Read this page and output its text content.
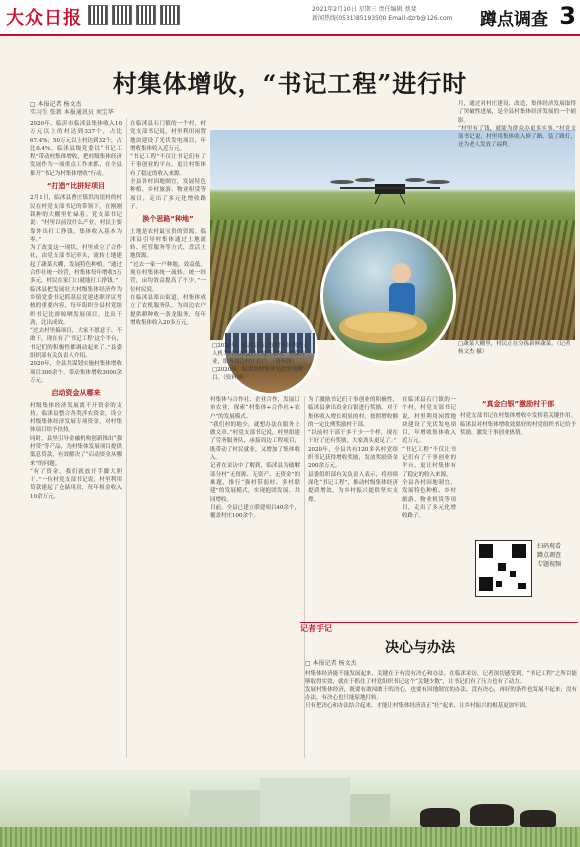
大众日报	2021年2月10日 星期三 责任编辑 蔡斐
新闻热线(0531)85193500 Email:dzrb@126.com	蹲点调查 3
村集体增收，“书记工程”进行时
□ 本报记者 杨文杰
实习生 张新 本报通讯员 刘宝华
2020年，临沂市临沭县集体收入10万元以上的村达到337个，占比67.4%；50万元以上村达到32个，占比6.4%。临沭县级党委以“书记工程”带动村集体增收，把村级集体经济发展作为一项重点工作来抓，在全县推开“书记为村集体增收”行动。
“打造”比拼好项目
2月1日，临沭县曹庄镇洪沟崖村的村民在村党支部书记的带领下，在刚刚栽种的大棚里忙碌着。党支部书记说：“村里以前没什么产业，村民主要靠外出打工挣钱，集体收入基本为零。”
为了改变这一现状，村里成立了合作社，由党支部书记牵头，流转土地建起了蔬菜大棚，发展特色种植。“通过合作社统一经营，村集体每年增收5万多元，村民在家门口就能打工挣钱。”
临沭县把发展壮大村级集体经济作为乡镇党委书记抓基层党建述职评议考核的重要内容，每年组织全县村党组织书记比拼晾晒发展项目，比出干劲，比出成效。
“过去村里搞项目，大家不愿意干、不敢干，现在有了‘书记工程’这个平台，书记们的积极性都调动起来了。”县委组织部有关负责人介绍。
2020年，全县共谋划实施村集体增收项目300余个，带动集体增收3000余万元。
启动资金从哪来
村级集体经济发展离不开资金的支持。临沭县整合各类涉农资金，设立村级集体经济发展专项资金，对村集体项目给予扶持。
同时，县里引导金融机构创新推出“强村贷”等产品，为村集体发展项目提供低息贷款，有效解决了“启动资金从哪来”的问题。
“有了资金，我们就放开手脚大胆干。”一位村党支部书记说，村里利用贷款建起了仓储用房，每年租金收入10余万元。
在临沭县石门镇的一个村，村党支部书记说，村里利用闲置地块建设了光伏发电项目，年增收集体收入近万元。
“书记工程”不仅让书记们有了干事创业的平台，更让村集体有了稳定的收入来源。
全县各村因地制宜，发展特色种植、乡村旅游、物业租赁等项目，走出了多元化增收路子。
换个思路“种地”
土地是农村最宝贵的资源。临沭县引导村集体通过土地流转、托管服务等方式，盘活土地资源。
“过去一家一户种地，效益低。现在村集体统一流转、统一经营，亩均效益提高了不少。”一位村民说。
在临沭县郑山街道，村集体成立了农机服务队，为周边农户提供耕种收一条龙服务，每年增收集体收入20多万元。
□2020年，临沭县石门镇村集体利用无人机为村民承包的土地开展统一植保作业，服务周边村庄农户。（资料图）
□2020年，临沭县村集体光伏发电项目。（资料图）
□蔬菜大棚里，村民正在分拣新鲜蔬菜。（记者 杨文杰 摄）
村集体与合作社、企业合作，发展订单农业，探索“村集体+合作社+农户”的发展模式。
“我们村的地少，就想办法在服务上做文章。”村党支部书记说，村里组建了劳务服务队，承接周边工程项目，既带动了村民就业，又增加了集体收入。
记者在采访中了解到，临沭县为破解部分村“无资源、无资产、无资金”的难题，推行“强村带弱村、多村联建”的发展模式，实现抱团发展、共同增收。
目前，全县已建立联建项目40余个，覆盖村庄100余个。
为了激励书记们干事创业的积极性，临沭县拿出真金白银进行奖励。对于集体收入增长明显的村，按照增收额的一定比例奖励村干部。
“以前村干部干多干少一个样，现在干好了还有奖励，大家劲头更足了。”
2020年，全县共有120多名村党组织书记获得增收奖励，发放奖励资金200余万元。
县委组织部有关负责人表示，将持续深化“书记工程”，推动村级集体经济提质增效，为乡村振兴提供坚实支撑。
月，通过对村庄建设、改造，集体经济发展取得了突破性进展，是全县村集体经济发展的一个缩影。
“村里有了钱，就能为群众办更多实事。”村党支部书记说，村里用集体收入修了路、装了路灯，还为老人发放了福利。
“真金白银”激励村干部
村党支部书记在村集体增收中发挥着关键作用。临沭县对村集体增收效果好的村党组织书记给予奖励，激发干事创业热情。
在临沭县石门镇的一个村，村党支部书记说，村里利用闲置地块建设了光伏发电项目，年增收集体收入近万元。
“书记工程”不仅让书记们有了干事创业的平台，更让村集体有了稳定的收入来源。
全县各村因地制宜，发展特色种植、乡村旅游、物业租赁等项目，走出了多元化增收路子。
扫码观看
蹲点调查
专题视频
记者手记
决心与办法
□ 本报记者 杨文杰
村集体经济能不能发展起来，关键在于有没有决心和办法。在临沭采访，记者深切感受到，“书记工程”之所以能够取得实效，就在于抓住了村党组织书记这个“关键少数”，让书记们有了压力也有了动力。
发展村集体经济，既要有敢闯敢干的决心，也要有因地制宜的办法。没有决心，再好的条件也发展不起来；没有办法，有决心也只能原地打转。
只有把决心和办法结合起来，才能让村集体经济真正“壮”起来，让乡村振兴的根基更加牢固。
